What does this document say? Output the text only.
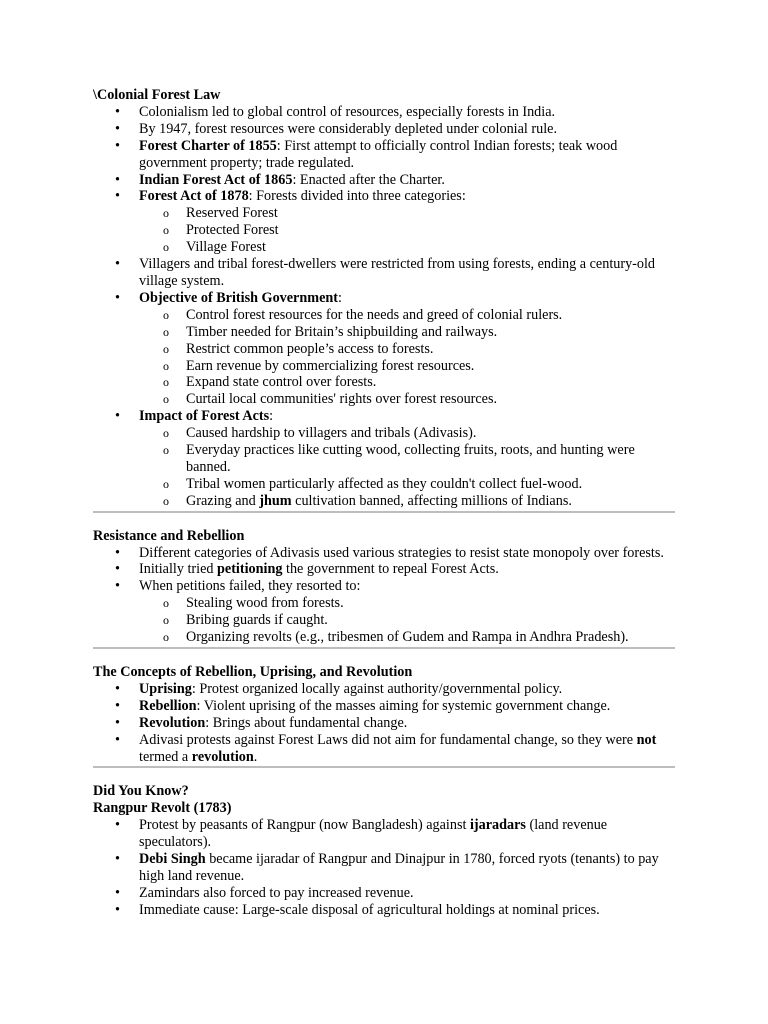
\Colonial Forest Law
• Colonialism led to global control of resources, especially forests in India.
• By 1947, forest resources were considerably depleted under colonial rule.
• Forest Charter of 1855: First attempt to officially control Indian forests; teak wood government property; trade regulated.
• Indian Forest Act of 1865: Enacted after the Charter.
• Forest Act of 1878: Forests divided into three categories:
o Reserved Forest
o Protected Forest
o Village Forest
• Villagers and tribal forest-dwellers were restricted from using forests, ending a century-old village system.
• Objective of British Government:
o Control forest resources for the needs and greed of colonial rulers.
o Timber needed for Britain’s shipbuilding and railways.
o Restrict common people’s access to forests.
o Earn revenue by commercializing forest resources.
o Expand state control over forests.
o Curtail local communities' rights over forest resources.
• Impact of Forest Acts:
o Caused hardship to villagers and tribals (Adivasis).
o Everyday practices like cutting wood, collecting fruits, roots, and hunting were banned.
o Tribal women particularly affected as they couldn't collect fuel-wood.
o Grazing and jhum cultivation banned, affecting millions of Indians.
Resistance and Rebellion
• Different categories of Adivasis used various strategies to resist state monopoly over forests.
• Initially tried petitioning the government to repeal Forest Acts.
• When petitions failed, they resorted to:
o Stealing wood from forests.
o Bribing guards if caught.
o Organizing revolts (e.g., tribesmen of Gudem and Rampa in Andhra Pradesh).
The Concepts of Rebellion, Uprising, and Revolution
• Uprising: Protest organized locally against authority/governmental policy.
• Rebellion: Violent uprising of the masses aiming for systemic government change.
• Revolution: Brings about fundamental change.
• Adivasi protests against Forest Laws did not aim for fundamental change, so they were not termed a revolution.
Did You Know?
Rangpur Revolt (1783)
• Protest by peasants of Rangpur (now Bangladesh) against ijaradars (land revenue speculators).
• Debi Singh became ijaradar of Rangpur and Dinajpur in 1780, forced ryots (tenants) to pay high land revenue.
• Zamindars also forced to pay increased revenue.
• Immediate cause: Large-scale disposal of agricultural holdings at nominal prices.
